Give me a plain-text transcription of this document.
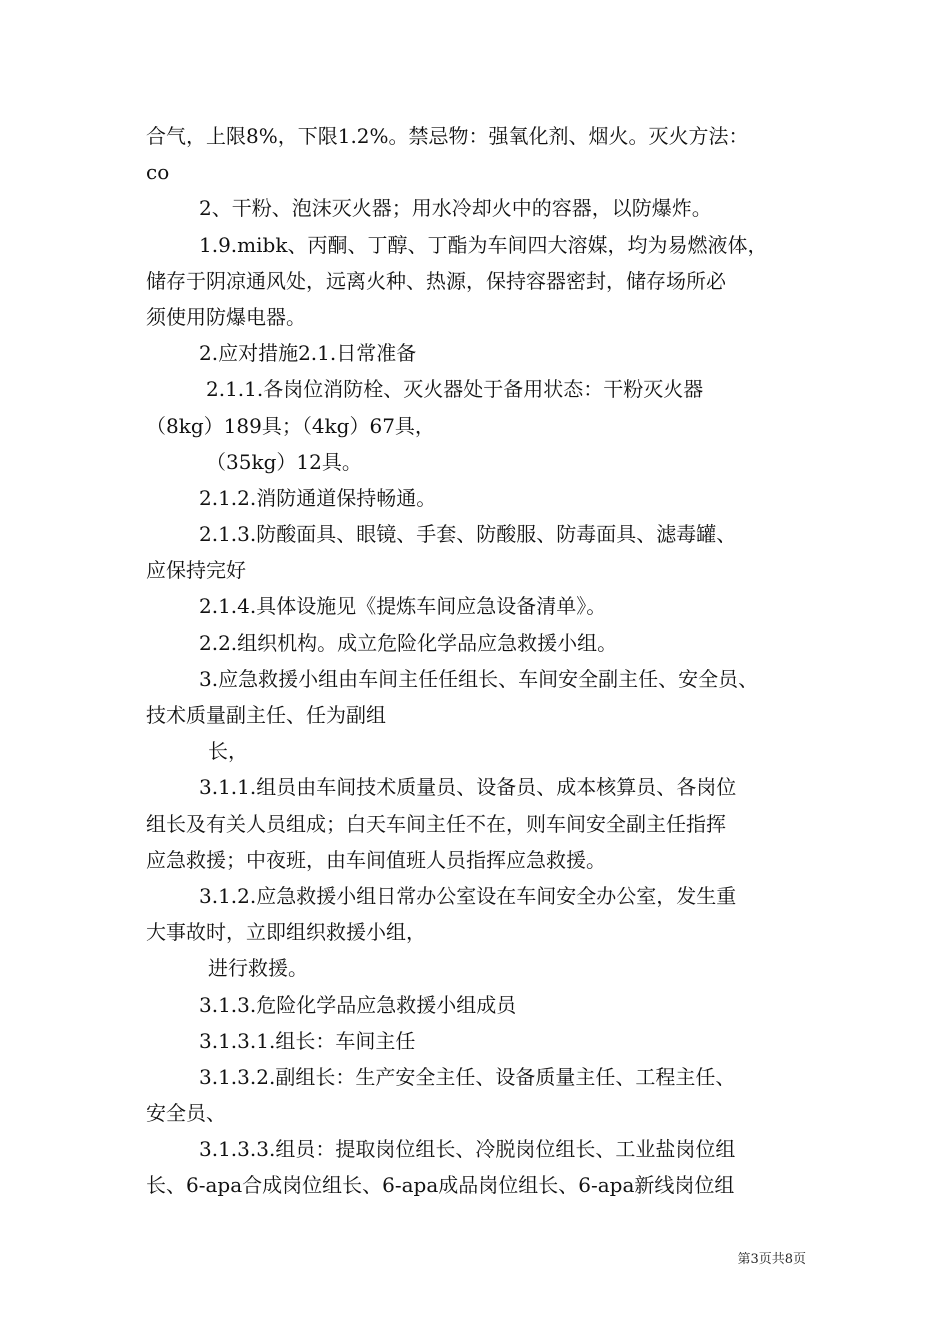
合气，上限8%，下限1.2%。禁忌物：强氧化剂、烟火。灭火方法：
co
2、干粉、泡沫灭火器；用水冷却火中的容器，以防爆炸。
1.9.mibk、丙酮、丁醇、丁酯为车间四大溶媒，均为易燃液体，
储存于阴凉通风处，远离火种、热源，保持容器密封，储存场所必
须使用防爆电器。
2.应对措施2.1.日常准备
2.1.1.各岗位消防栓、灭火器处于备用状态：干粉灭火器
（8kg）189具；（4kg）67具，
（35kg）12具。
2.1.2.消防通道保持畅通。
2.1.3.防酸面具、眼镜、手套、防酸服、防毒面具、滤毒罐、
应保持完好
2.1.4.具体设施见《提炼车间应急设备清单》。
2.2.组织机构。成立危险化学品应急救援小组。
3.应急救援小组由车间主任任组长、车间安全副主任、安全员、
技术质量副主任、任为副组
长，
3.1.1.组员由车间技术质量员、设备员、成本核算员、各岗位
组长及有关人员组成；白天车间主任不在，则车间安全副主任指挥
应急救援；中夜班，由车间值班人员指挥应急救援。
3.1.2.应急救援小组日常办公室设在车间安全办公室，发生重
大事故时，立即组织救援小组，
进行救援。
3.1.3.危险化学品应急救援小组成员
3.1.3.1.组长：车间主任
3.1.3.2.副组长：生产安全主任、设备质量主任、工程主任、
安全员、
3.1.3.3.组员：提取岗位组长、冷脱岗位组长、工业盐岗位组
长、6-apa合成岗位组长、6-apa成品岗位组长、6-apa新线岗位组
第3页共8页
